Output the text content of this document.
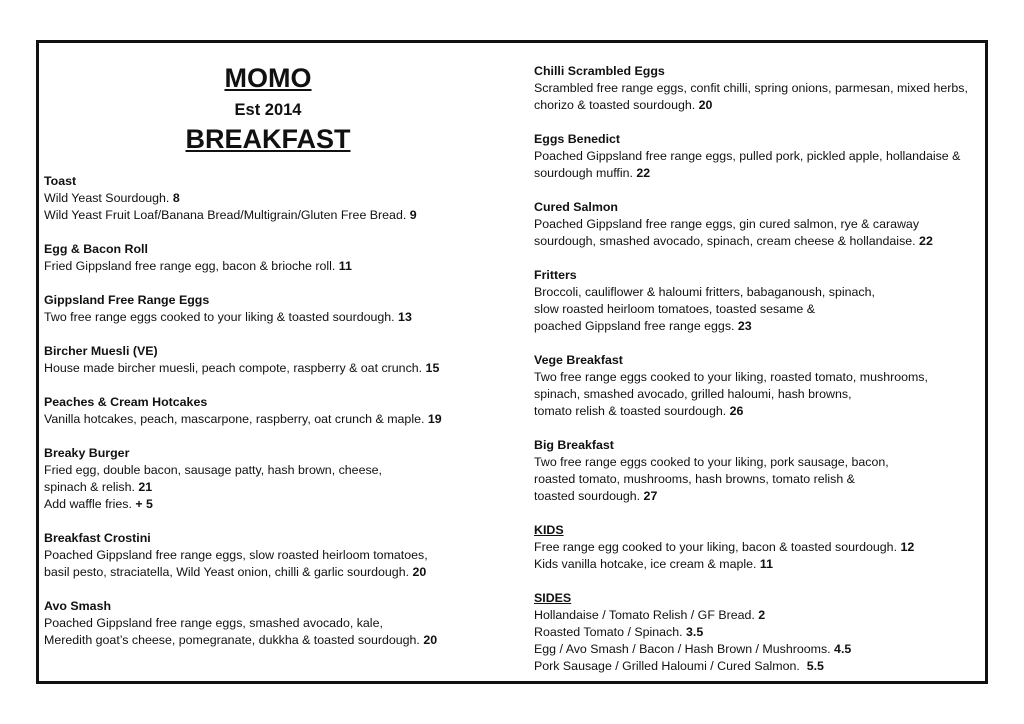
MOMO
Est 2014
BREAKFAST
Toast
Wild Yeast Sourdough. 8
Wild Yeast Fruit Loaf/Banana Bread/Multigrain/Gluten Free Bread. 9
Egg & Bacon Roll
Fried Gippsland free range egg, bacon & brioche roll. 11
Gippsland Free Range Eggs
Two free range eggs cooked to your liking & toasted sourdough. 13
Bircher Muesli (VE)
House made bircher muesli, peach compote, raspberry & oat crunch. 15
Peaches & Cream Hotcakes
Vanilla hotcakes, peach, mascarpone, raspberry, oat crunch & maple. 19
Breaky Burger
Fried egg, double bacon, sausage patty, hash brown, cheese,
spinach & relish. 21
Add waffle fries. + 5
Breakfast Crostini
Poached Gippsland free range eggs, slow roasted heirloom tomatoes,
basil pesto, straciatella, Wild Yeast onion, chilli & garlic sourdough. 20
Avo Smash
Poached Gippsland free range eggs, smashed avocado, kale,
Meredith goat’s cheese, pomegranate, dukkha & toasted sourdough. 20
Chilli Scrambled Eggs
Scrambled free range eggs, confit chilli, spring onions, parmesan, mixed herbs,
chorizo & toasted sourdough. 20
Eggs Benedict
Poached Gippsland free range eggs, pulled pork, pickled apple, hollandaise &
sourdough muffin. 22
Cured Salmon
Poached Gippsland free range eggs, gin cured salmon, rye & caraway
sourdough, smashed avocado, spinach, cream cheese & hollandaise. 22
Fritters
Broccoli, cauliflower & haloumi fritters, babaganoush, spinach,
slow roasted heirloom tomatoes, toasted sesame &
poached Gippsland free range eggs. 23
Vege Breakfast
Two free range eggs cooked to your liking, roasted tomato, mushrooms,
spinach, smashed avocado, grilled haloumi, hash browns,
tomato relish & toasted sourdough. 26
Big Breakfast
Two free range eggs cooked to your liking, pork sausage, bacon,
roasted tomato, mushrooms, hash browns, tomato relish &
toasted sourdough. 27
KIDS
Free range egg cooked to your liking, bacon & toasted sourdough. 12
Kids vanilla hotcake, ice cream & maple. 11
SIDES
Hollandaise / Tomato Relish / GF Bread. 2
Roasted Tomato / Spinach. 3.5
Egg / Avo Smash / Bacon / Hash Brown / Mushrooms. 4.5
Pork Sausage / Grilled Haloumi / Cured Salmon.  5.5
